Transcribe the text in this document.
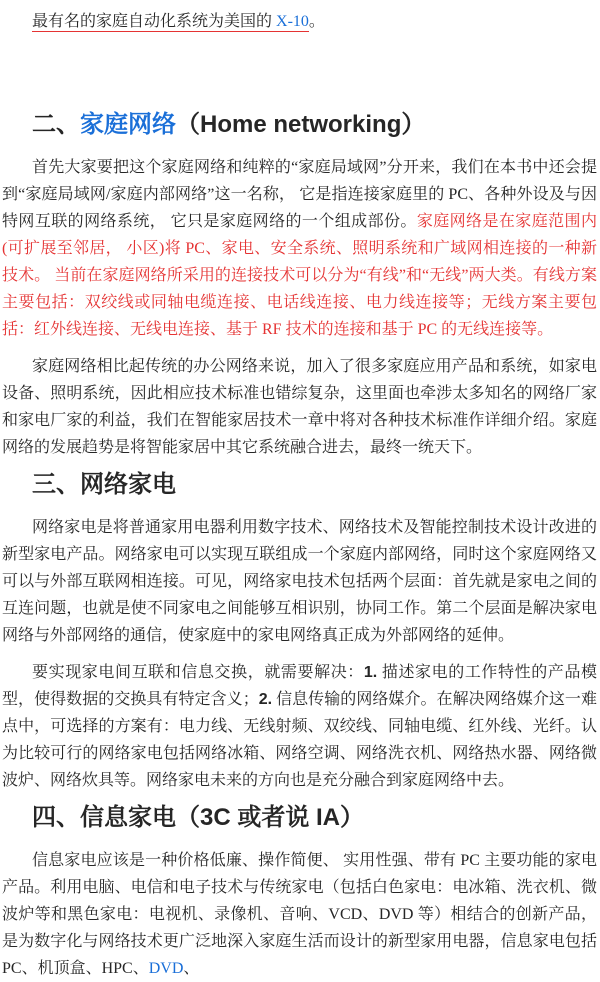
最有名的家庭自动化系统为美国的 X-10。

二、家庭网络（Home networking）

首先大家要把这个家庭网络和纯粹的“家庭局域网”分开来，我们在本书中还会提到“家庭局域网/家庭内部网络”这一名称， 它是指连接家庭里的 PC、各种外设及与因特网互联的网络系统， 它只是家庭网络的一个组成部份。家庭网络是在家庭范围内(可扩展至邻居， 小区)将 PC、家电、安全系统、照明系统和广域网相连接的一种新技术。 当前在家庭网络所采用的连接技术可以分为“有线”和“无线”两大类。有线方案主要包括：双绞线或同轴电缆连接、电话线连接、电力线连接等；无线方案主要包括：红外线连接、无线电连接、基于 RF 技术的连接和基于 PC 的无线连接等。

家庭网络相比起传统的办公网络来说，加入了很多家庭应用产品和系统，如家电设备、照明系统，因此相应技术标准也错综复杂，这里面也牵涉太多知名的网络厂家和家电厂家的利益，我们在智能家居技术一章中将对各种技术标准作详细介绍。家庭网络的发展趋势是将智能家居中其它系统融合进去，最终一统天下。

三、网络家电

网络家电是将普通家用电器利用数字技术、网络技术及智能控制技术设计改进的新型家电产品。网络家电可以实现互联组成一个家庭内部网络，同时这个家庭网络又可以与外部互联网相连接。可见，网络家电技术包括两个层面：首先就是家电之间的互连问题，也就是使不同家电之间能够互相识别，协同工作。第二个层面是解决家电网络与外部网络的通信，使家庭中的家电网络真正成为外部网络的延伸。

要实现家电间互联和信息交换，就需要解决：1. 描述家电的工作特性的产品模型，使得数据的交换具有特定含义；2. 信息传输的网络媒介。在解决网络媒介这一难点中，可选择的方案有：电力线、无线射频、双绞线、同轴电缆、红外线、光纤。认为比较可行的网络家电包括网络冰箱、网络空调、网络洗衣机、网络热水器、网络微波炉、网络炊具等。网络家电未来的方向也是充分融合到家庭网络中去。

四、信息家电（3C 或者说 IA）

信息家电应该是一种价格低廉、操作简便、 实用性强、带有 PC 主要功能的家电产品。利用电脑、电信和电子技术与传统家电（包括白色家电：电冰箱、洗衣机、微波炉等和黑色家电：电视机、录像机、音响、VCD、DVD 等）相结合的创新产品， 是为数字化与网络技术更广泛地深入家庭生活而设计的新型家用电器，信息家电包括 PC、机顶盒、HPC、DVD、
